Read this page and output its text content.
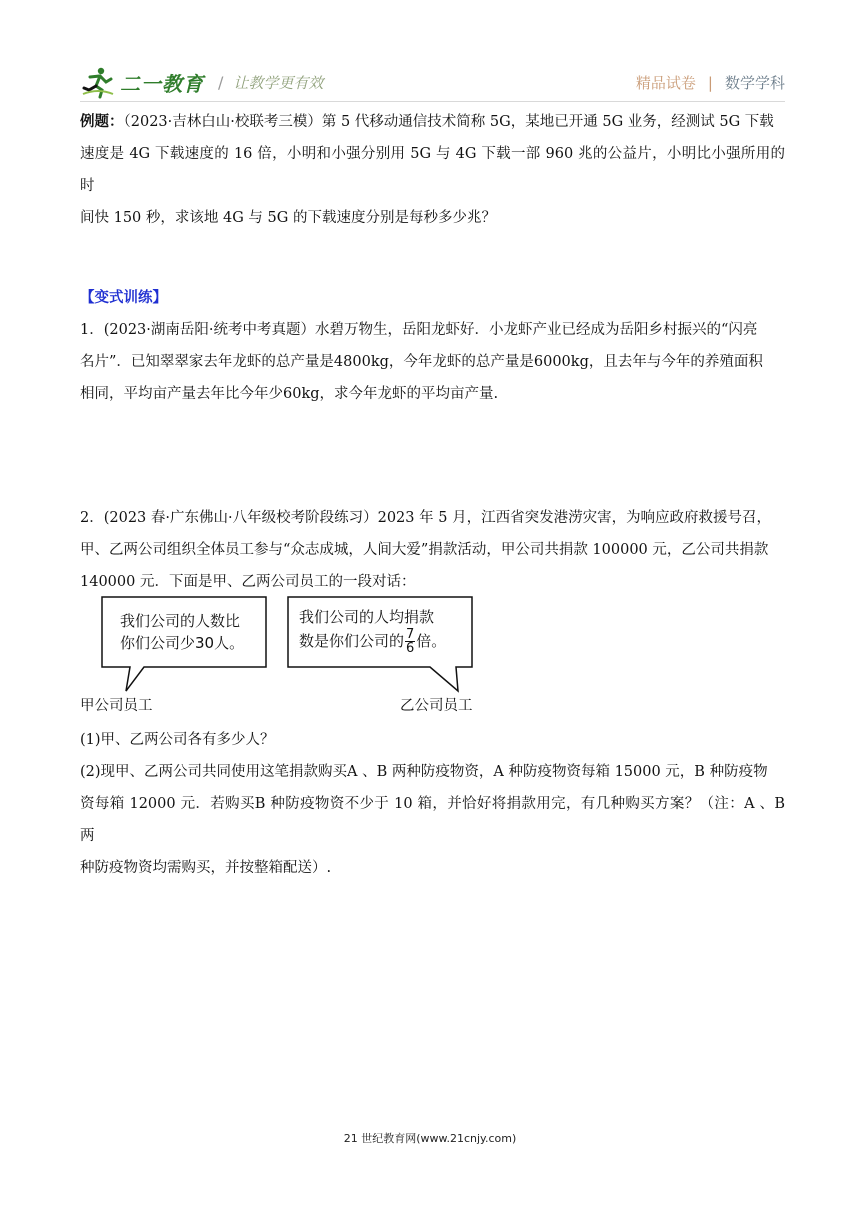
二一教育 / 让教学更有效	精品试卷 | 数学学科
例题：（2023·吉林白山·校联考三模）第 5 代移动通信技术简称 5G，某地已开通 5G 业务，经测试 5G 下载
速度是 4G 下载速度的 16 倍，小明和小强分别用 5G 与 4G 下载一部 960 兆的公益片，小明比小强所用的时
间快 150 秒，求该地 4G 与 5G 的下载速度分别是每秒多少兆？
【变式训练】
1．(2023·湖南岳阳·统考中考真题）水碧万物生，岳阳龙虾好．小龙虾产业已经成为岳阳乡村振兴的“闪亮
名片”．已知翠翠家去年龙虾的总产量是4800kg，今年龙虾的总产量是6000kg，且去年与今年的养殖面积
相同，平均亩产量去年比今年少60kg，求今年龙虾的平均亩产量.
2．(2023 春·广东佛山·八年级校考阶段练习）2023 年 5 月，江西省突发港涝灾害，为响应政府救援号召，
甲、乙两公司组织全体员工参与“众志成城，人间大爱”捐款活动，甲公司共捐款 100000 元，乙公司共捐款
140000 元．下面是甲、乙两公司员工的一段对话：
我们公司的人数比
你们公司少30人。
我们公司的人均捐款
数是你们公司的 $\frac{7}{6}$ 倍。
甲公司员工	乙公司员工
(1)甲、乙两公司各有多少人？
(2)现甲、乙两公司共同使用这笔捐款购买A 、B 两种防疫物资，A 种防疫物资每箱 15000 元，B 种防疫物
资每箱 12000 元．若购买B 种防疫物资不少于 10 箱，并恰好将捐款用完，有几种购买方案？（注：A 、B 两
种防疫物资均需购买，并按整箱配送）.
21 世纪教育网(www.21cnjy.com)
